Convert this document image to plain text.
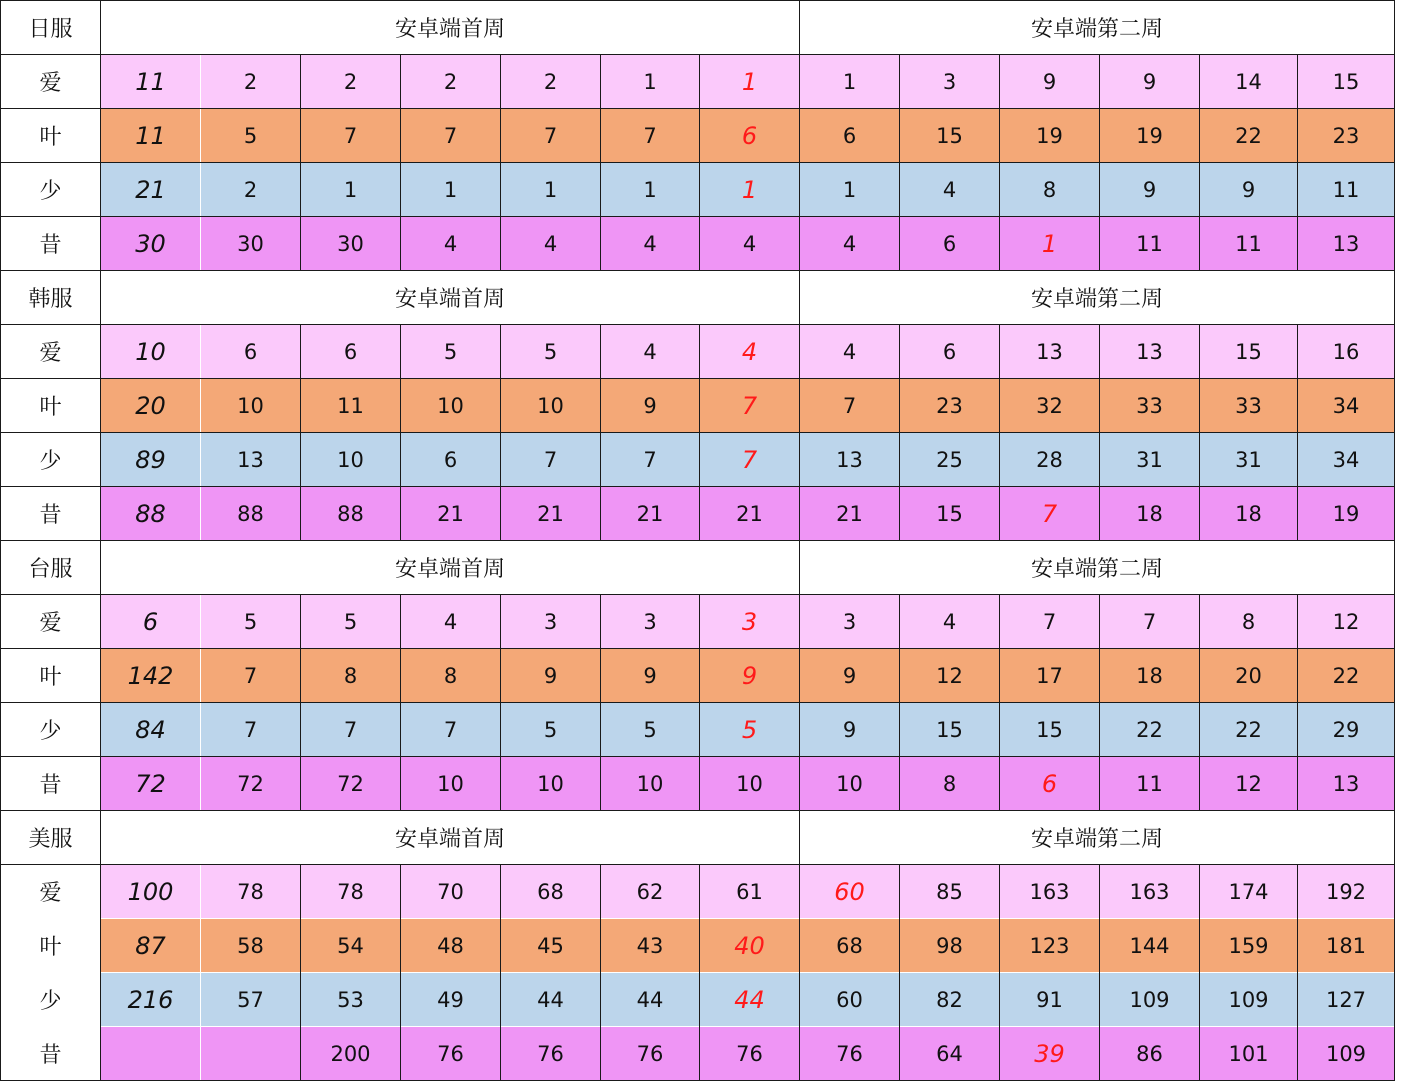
日服	安卓端首周							安卓端第二周					
爱	11	2	2	2	2	1	1	1	3	9	9	14	15
叶	11	5	7	7	7	7	6	6	15	19	19	22	23
少	21	2	1	1	1	1	1	1	4	8	9	9	11
昔	30	30	30	4	4	4	4	4	6	1	11	11	13
韩服	安卓端首周							安卓端第二周					
爱	10	6	6	5	5	4	4	4	6	13	13	15	16
叶	20	10	11	10	10	9	7	7	23	32	33	33	34
少	89	13	10	6	7	7	7	13	25	28	31	31	34
昔	88	88	88	21	21	21	21	21	15	7	18	18	19
台服	安卓端首周							安卓端第二周					
爱	6	5	5	4	3	3	3	3	4	7	7	8	12
叶	142	7	8	8	9	9	9	9	12	17	18	20	22
少	84	7	7	7	5	5	5	9	15	15	22	22	29
昔	72	72	72	10	10	10	10	10	8	6	11	12	13
美服	安卓端首周							安卓端第二周					
爱	100	78	78	70	68	62	61	60	85	163	163	174	192
叶	87	58	54	48	45	43	40	68	98	123	144	159	181
少	216	57	53	49	44	44	44	60	82	91	109	109	127
昔			200	76	76	76	76	76	64	39	86	101	109
